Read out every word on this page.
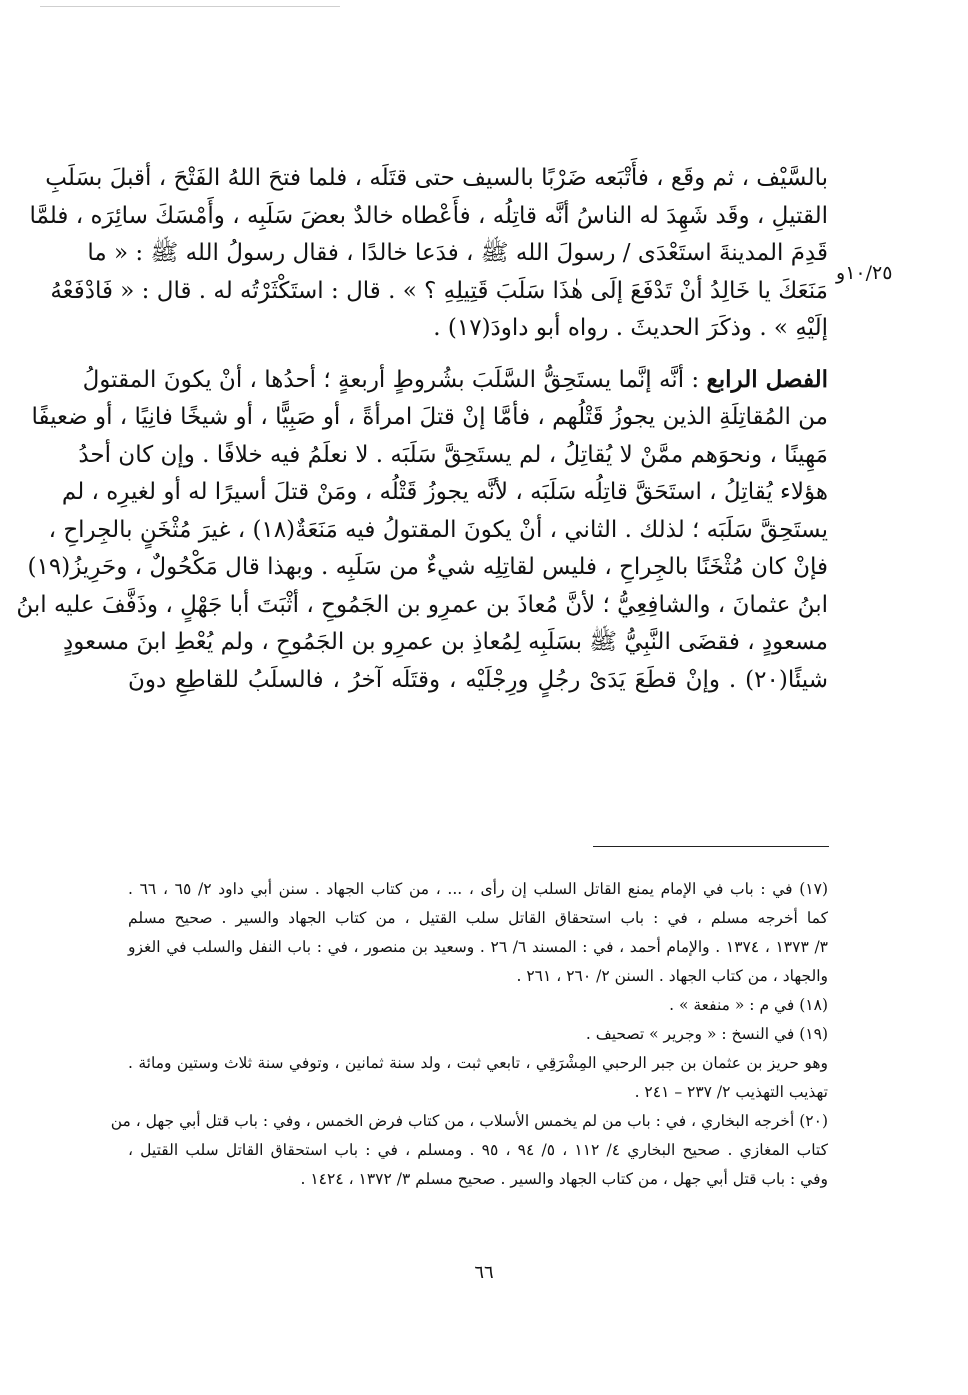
بالسَّيْف ، ثم وقَع ، فأَتْبَعه ضَرْبًا بالسيف حتى قتَلَه ، فلما فتحَ اللهُ الفَتْحَ ، أقبلَ بسَلَبِ
القتيلِ ، وقَد شَهِدَ له الناسُ أنَّه قاتِلُه ، فأَعْطاه خالدٌ بعضَ سَلَبِه ، وأَمْسَكَ سائِرَه ، فلمَّا
قَدِمَ المدينةَ استَعْدَى / رسولَ الله ﷺ ، فدَعا خالدًا ، فقال رسولُ الله ﷺ : « ما
مَنَعَكَ يا خَالِدُ أنْ تَدْفَعَ إلَى هٰذَا سَلَبَ قَتِيلِهِ ؟ » . قال : استَكْثَرْتُه له . قال : « فَادْفَعْهُ
إلَيْهِ » . وذكَرَ الحديثَ . رواه أبو داودَ(١٧) .
الفصل الرابع : أنَّه إنَّما يستَحِقُّ السَّلَبَ بشُروطٍ أربعةٍ ؛ أحدُها ، أنْ يكونَ المقتولُ
من المُقاتِلَةِ الذين يجوزُ قَتْلُهم ، فأمَّا إنْ قتلَ امرأةً ، أو صَبِيًّا ، أو شيخًا فانِيًا ، أو ضعيفًا
مَهِينًا ، ونحوَهم ممَّنْ لا يُقاتِلُ ، لم يستَحِقَّ سَلَبَه . لا نعلَمُ فيه خلافًا . وإن كان أحدُ
هؤلاء يُقاتِلُ ، استَحَقَّ قاتِلُه سَلَبَه ، لأنَّه يجوزُ قَتْلُه ، ومَنْ قتلَ أسيرًا له أو لغيرِه ، لم
يستَحِقَّ سَلَبَه ؛ لذلك . الثاني ، أنْ يكونَ المقتولُ فيه مَنَعَةٌ(١٨) ، غيرَ مُثْخَنٍ بالجِراحِ ،
فإنْ كان مُثْخَنًا بالجِراحِ ، فليس لقاتِلِه شيءٌ من سَلَبِه . وبهذا قال مَكْحُولٌ ، وحَرِيزُ(١٩)
ابنُ عثمانَ ، والشافِعِيُّ ؛ لأنَّ مُعاذَ بن عمرِو بن الجَمُوحِ ، أثْبَتَ أبا جَهْلٍ ، وذَفَّفَ عليه ابنُ
مسعودٍ ، فقضَى النَّبِيُّ ﷺ بسَلَبِه لِمُعاذِ بن عمرِو بن الجَمُوحِ ، ولم يُعْطِ ابنَ مسعودٍ
شيئًا(٢٠) . وإنْ قطَعَ يَدَىْ رجُلٍ ورِجْلَيْه ، وقتَلَه آخرُ ، فالسلَبُ للقاطِعِ دونَ
١٠/٢٥و
(١٧) في : باب في الإمام يمنع القاتل السلب إن رأى ، ... ، من كتاب الجهاد . سنن أبي داود ٢/ ٦٥ ، ٦٦ .
كما أخرجه مسلم ، في : باب استحقاق القاتل سلب القتيل ، من كتاب الجهاد والسير . صحيح مسلم
٣/ ١٣٧٣ ، ١٣٧٤ . والإمام أحمد ، في : المسند ٦/ ٢٦ . وسعيد بن منصور ، في : باب النفل والسلب في الغزو
والجهاد ، من كتاب الجهاد . السنن ٢/ ٢٦٠ ، ٢٦١ .
(١٨) في م : « منفعة » .
(١٩) في النسخ : « وجرير » تصحيف .
وهو حريز بن عثمان بن جبر الرحبي المِشْرَقِي ، تابعي ثبت ، ولد سنة ثمانين ، وتوفي سنة ثلاث وستين ومائة .
تهذيب التهذيب ٢/ ٢٣٧ – ٢٤١ .
(٢٠) أخرجه البخاري ، في : باب من لم يخمس الأسلاب ، من كتاب فرض الخمس ، وفي : باب قتل أبي جهل ، من
كتاب المغازي . صحيح البخاري ٤/ ١١٢ ، ٥/ ٩٤ ، ٩٥ . ومسلم ، في : باب استحقاق القاتل سلب القتيل ،
وفي : باب قتل أبي جهل ، من كتاب الجهاد والسير . صحيح مسلم ٣/ ١٣٧٢ ، ١٤٢٤ .
٦٦
